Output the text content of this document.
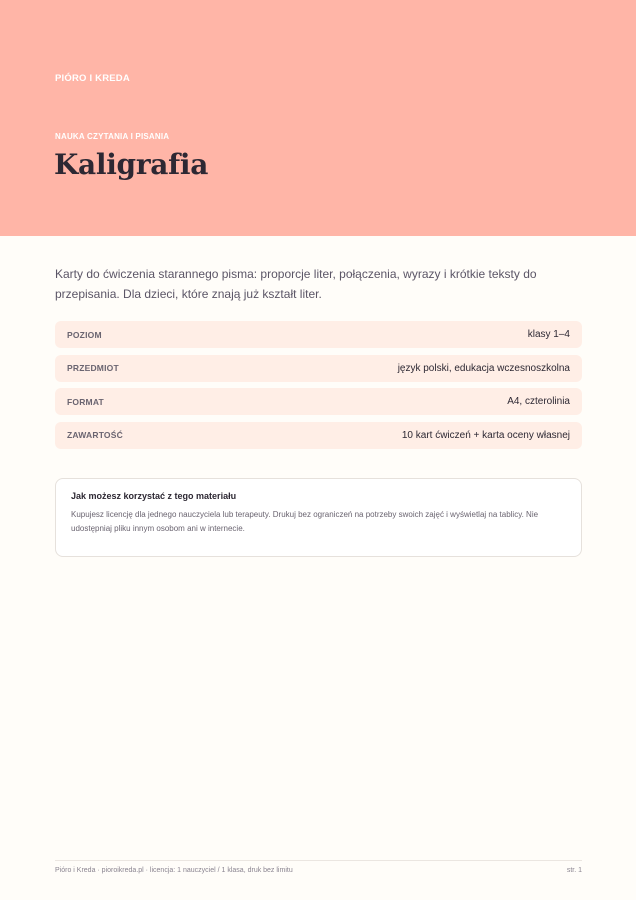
PIÓRO I KREDA
NAUKA CZYTANIA I PISANIA
Kaligrafia

Karty do ćwiczenia starannego pisma: proporcje liter, połączenia, wyrazy i krótkie teksty do przepisania. Dla dzieci, które znają już kształt liter.

POZIOM	klasy 1–4
PRZEDMIOT	język polski, edukacja wczesnoszkolna
FORMAT	A4, czterolinia
ZAWARTOŚĆ	10 kart ćwiczeń + karta oceny własnej
Jak możesz korzystać z tego materiału

Kupujesz licencję dla jednego nauczyciela lub terapeuty. Drukuj bez ograniczeń na potrzeby swoich zajęć i wyświetlaj na tablicy. Nie udostępniaj pliku innym osobom ani w internecie.

Pióro i Kreda · pioroikreda.pl · licencja: 1 nauczyciel / 1 klasa, druk bez limitu	str. 1
